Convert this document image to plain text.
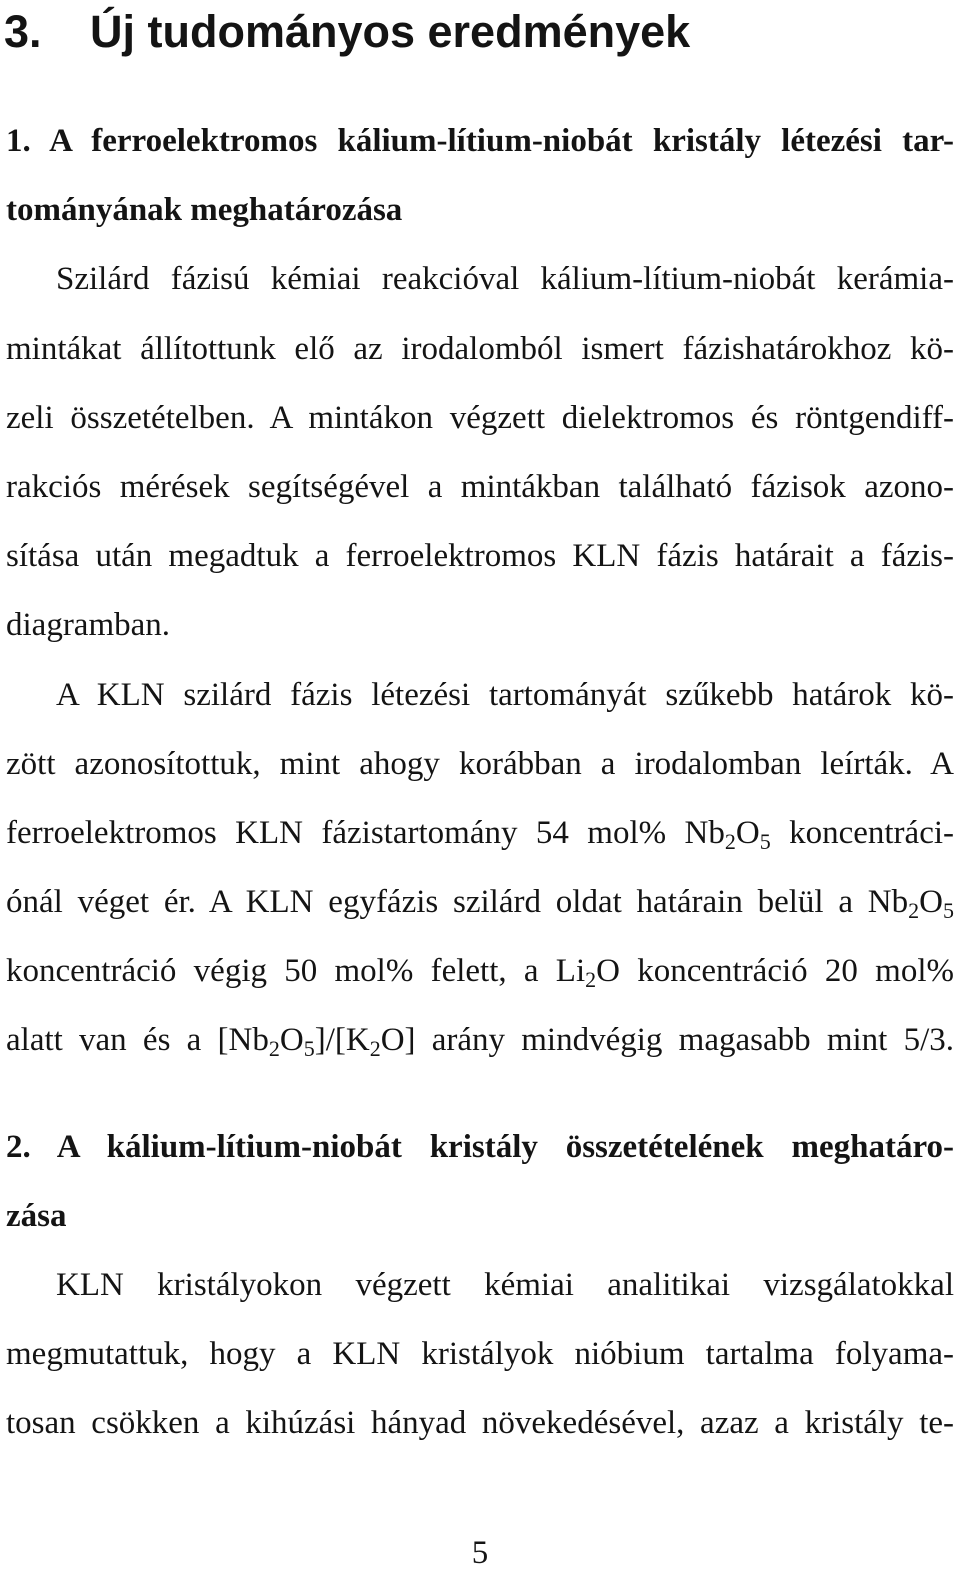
3. Új tudományos eredmények

1. A ferroelektromos kálium-lítium-niobát kristály létezési tar-

tományának meghatározása

Szilárd fázisú kémiai reakcióval kálium-lítium-niobát kerámia-

mintákat állítottunk elő az irodalomból ismert fázishatárokhoz kö-

zeli összetételben. A mintákon végzett dielektromos és röntgendiff-

rakciós mérések segítségével a mintákban található fázisok azono-

sítása után megadtuk a ferroelektromos KLN fázis határait a fázis-

diagramban.

A KLN szilárd fázis létezési tartományát szűkebb határok kö-

zött azonosítottuk, mint ahogy korábban a irodalomban leírták. A

ferroelektromos KLN fázistartomány 54 mol% $Nb_2O_5$ koncentráci-

ónál véget ér. A KLN egyfázis szilárd oldat határain belül a $Nb_2O_5$

koncentráció végig 50 mol% felett, a $Li_2O$ koncentráció 20 mol%

alatt van és a $[Nb_2O_5]/[K_2O]$ arány mindvégig magasabb mint 5/3.

2. A kálium-lítium-niobát kristály összetételének meghatáro-

zása

KLN kristályokon végzett kémiai analitikai vizsgálatokkal

megmutattuk, hogy a KLN kristályok nióbium tartalma folyama-

tosan csökken a kihúzási hányad növekedésével, azaz a kristály te-

5
